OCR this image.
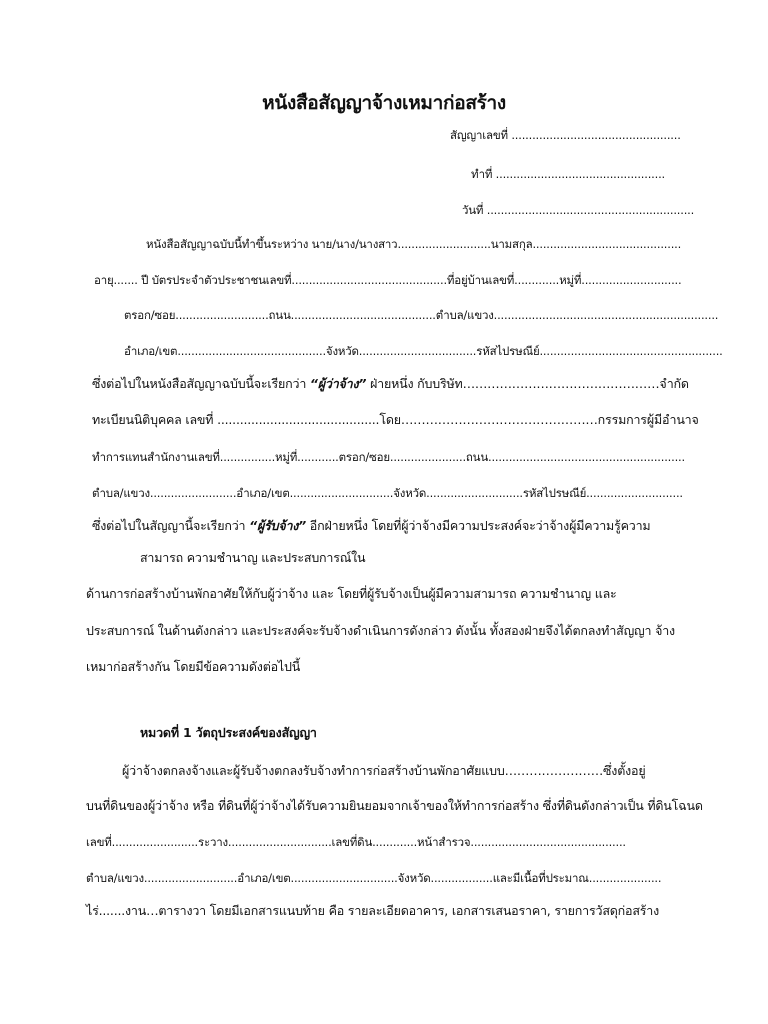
หนังสือสัญญาจ้างเหมาก่อสร้าง
สัญญาเลขที่ .................................................
ทำที่ .................................................
วันที่ ............................................................
หนังสือสัญญาฉบับนี้ทำขึ้นระหว่าง นาย/นาง/นางสาว...........................นามสกุล...........................................
อายุ....... ปี บัตรประจำตัวประชาชนเลขที่.............................................ที่อยู่บ้านเลขที่.............หมู่ที่.............................
ตรอก/ซอย...........................ถนน..........................................ตำบล/แขวง.................................................................
อำเภอ/เขต...........................................จังหวัด..................................รหัสไปรษณีย์.....................................................
ซึ่งต่อไปในหนังสือสัญญาฉบับนี้จะเรียกว่า “ผู้ว่าจ้าง” ฝ่ายหนึ่ง กับบริษัท…………………………………………จำกัด
ทะเบียนนิติบุคคล เลขที่ ...........................................โดย…………………………………………กรรมการผู้มีอำนาจ
ทำการแทนสำนักงานเลขที่................หมู่ที่............ตรอก/ซอย......................ถนน.........................................................
ตำบล/แขวง.........................อำเภอ/เขต..............................จังหวัด............................รหัสไปรษณีย์............................
ซึ่งต่อไปในสัญญานี้จะเรียกว่า “ผู้รับจ้าง” อีกฝ่ายหนึ่ง โดยที่ผู้ว่าจ้างมีความประสงค์จะว่าจ้างผู้มีความรู้ความ
สามารถ ความชำนาญ และประสบการณ์ใน
ด้านการก่อสร้างบ้านพักอาศัยให้กับผู้ว่าจ้าง และ โดยที่ผู้รับจ้างเป็นผู้มีความสามารถ ความชำนาญ และ
ประสบการณ์ ในด้านดังกล่าว และประสงค์จะรับจ้างดำเนินการดังกล่าว ดังนั้น ทั้งสองฝ่ายจึงได้ตกลงทำสัญญา จ้าง
เหมาก่อสร้างกัน โดยมีข้อความดังต่อไปนี้
หมวดที่ 1 วัตถุประสงค์ของสัญญา
ผู้ว่าจ้างตกลงจ้างและผู้รับจ้างตกลงรับจ้างทำการก่อสร้างบ้านพักอาศัยแบบ……………………ซึ่งตั้งอยู่
บนที่ดินของผู้ว่าจ้าง หรือ ที่ดินที่ผู้ว่าจ้างได้รับความยินยอมจากเจ้าของให้ทำการก่อสร้าง ซึ่งที่ดินดังกล่าวเป็น ที่ดินโฉนด
เลขที่.........................ระวาง..............................เลขที่ดิน.............หน้าสำรวจ.............................................
ตำบล/แขวง...........................อำเภอ/เขต...............................จังหวัด..................และมีเนื้อที่ประมาณ.....................
ไร่.......งาน…ตารางวา โดยมีเอกสารแนบท้าย คือ รายละเอียดอาคาร, เอกสารเสนอราคา, รายการวัสดุก่อสร้าง
